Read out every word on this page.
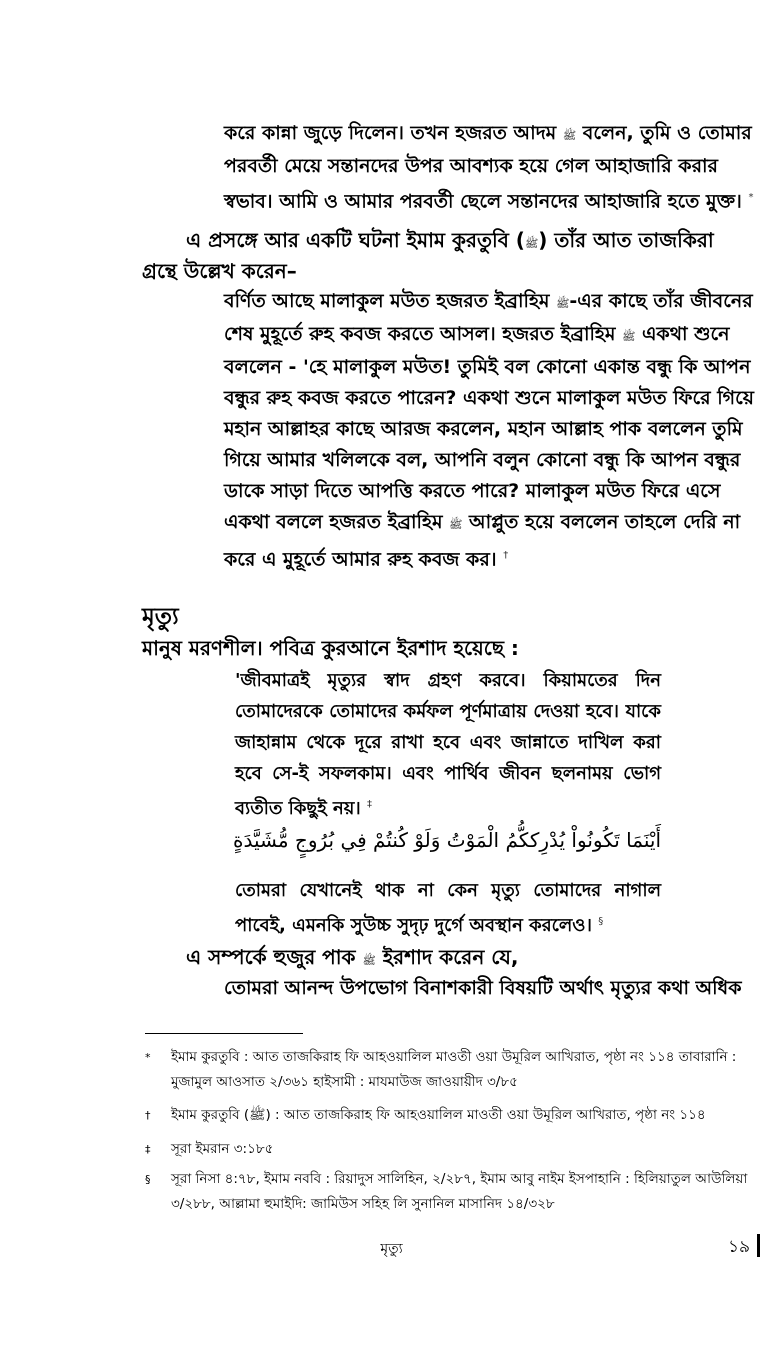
করে কান্না জুড়ে দিলেন। তখন হজরত আদম ﷺ বলেন, তুমি ও তোমার পরবর্তী মেয়ে সন্তানদের উপর আবশ্যক হয়ে গেল আহাজারি করার স্বভাব। আমি ও আমার পরবর্তী ছেলে সন্তানদের আহাজারি হতে মুক্ত। *

এ প্রসঙ্গে আর একটি ঘটনা ইমাম কুরতুবি (ﷺ) তাঁর আত তাজকিরা
গ্রন্থে উল্লেখ করেন–

বর্ণিত আছে মালাকুল মউত হজরত ইব্রাহিম ﷺ-এর কাছে তাঁর জীবনের শেষ মুহূর্তে রুহ কবজ করতে আসল। হজরত ইব্রাহিম ﷺ একথা শুনে বললেন - 'হে মালাকুল মউত! তুমিই বল কোনো একান্ত বন্ধু কি আপন বন্ধুর রুহ কবজ করতে পারেন? একথা শুনে মালাকুল মউত ফিরে গিয়ে মহান আল্লাহর কাছে আরজ করলেন, মহান আল্লাহ পাক বললেন তুমি গিয়ে আমার খলিলকে বল, আপনি বলুন কোনো বন্ধু কি আপন বন্ধুর ডাকে সাড়া দিতে আপত্তি করতে পারে? মালাকুল মউত ফিরে এসে একথা বললে হজরত ইব্রাহিম ﷺ আপ্লুত হয়ে বললেন তাহলে দেরি না করে এ মুহূর্তে আমার রুহ কবজ কর। †

মৃত্যু
মানুষ মরণশীল। পবিত্র কুরআনে ইরশাদ হয়েছে :

'জীবমাত্রই মৃত্যুর স্বাদ গ্রহণ করবে। কিয়ামতের দিন তোমাদেরকে তোমাদের কর্মফল পূর্ণমাত্রায় দেওয়া হবে। যাকে জাহান্নাম থেকে দূরে রাখা হবে এবং জান্নাতে দাখিল করা হবে সে-ই সফলকাম। এবং পার্থিব জীবন ছলনাময় ভোগ ব্যতীত কিছুই নয়। ‡

أَيْنَمَا تَكُونُواْ يُدْرِككُّمُ الْمَوْتُ وَلَوْ كُنتُمْ فِي بُرُوجٍ مُّشَيَّدَةٍ

তোমরা যেখানেই থাক না কেন মৃত্যু তোমাদের নাগাল পাবেই, এমনকি সুউচ্চ সুদৃঢ় দুর্গে অবস্থান করলেও। §

এ সম্পর্কে হুজুর পাক ﷺ ইরশাদ করেন যে,
তোমরা আনন্দ উপভোগ বিনাশকারী বিষয়টি অর্থাৎ মৃত্যুর কথা অধিক
*	ইমাম কুরতুবি : আত তাজকিরাহ ফি আহওয়ালিল মাওতী ওয়া উমূরিল আখিরাত, পৃষ্ঠা নং ১১৪ তাবারানি : মুজামুল আওসাত ২/৩৬১ হাইসামী : মাযমাউজ জাওয়ায়ীদ ৩/৮৫
†	ইমাম কুরতুবি (ﷺ) : আত তাজকিরাহ ফি আহওয়ালিল মাওতী ওয়া উমূরিল আখিরাত, পৃষ্ঠা নং ১১৪
‡	সূরা ইমরান ৩:১৮৫
§	সূরা নিসা ৪:৭৮, ইমাম নববি : রিয়াদুস সালিহিন, ২/২৮৭, ইমাম আবু নাইম ইসপাহানি : হিলিয়াতুল আউলিয়া ৩/২৮৮, আল্লামা হুমাইদি: জামিউস সহিহ লি সুনানিল মাসানিদ ১৪/৩২৮
মৃত্যু	১৯
